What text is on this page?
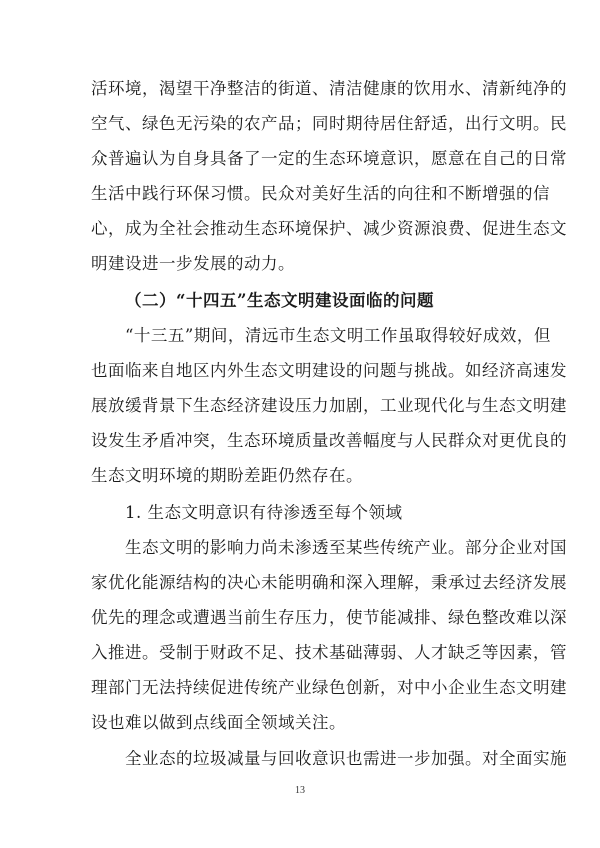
活环境，渴望干净整洁的街道、清洁健康的饮用水、清新纯净的
空气、绿色无污染的农产品；同时期待居住舒适，出行文明。民
众普遍认为自身具备了一定的生态环境意识，愿意在自己的日常
生活中践行环保习惯。民众对美好生活的向往和不断增强的信
心，成为全社会推动生态环境保护、减少资源浪费、促进生态文
明建设进一步发展的动力。
（二）“十四五”生态文明建设面临的问题
“十三五”期间，清远市生态文明工作虽取得较好成效，但
也面临来自地区内外生态文明建设的问题与挑战。如经济高速发
展放缓背景下生态经济建设压力加剧，工业现代化与生态文明建
设发生矛盾冲突，生态环境质量改善幅度与人民群众对更优良的
生态文明环境的期盼差距仍然存在。
1. 生态文明意识有待渗透至每个领域
生态文明的影响力尚未渗透至某些传统产业。部分企业对国
家优化能源结构的决心未能明确和深入理解，秉承过去经济发展
优先的理念或遭遇当前生存压力，使节能减排、绿色整改难以深
入推进。受制于财政不足、技术基础薄弱、人才缺乏等因素，管
理部门无法持续促进传统产业绿色创新，对中小企业生态文明建
设也难以做到点线面全领域关注。
全业态的垃圾减量与回收意识也需进一步加强。对全面实施
13
